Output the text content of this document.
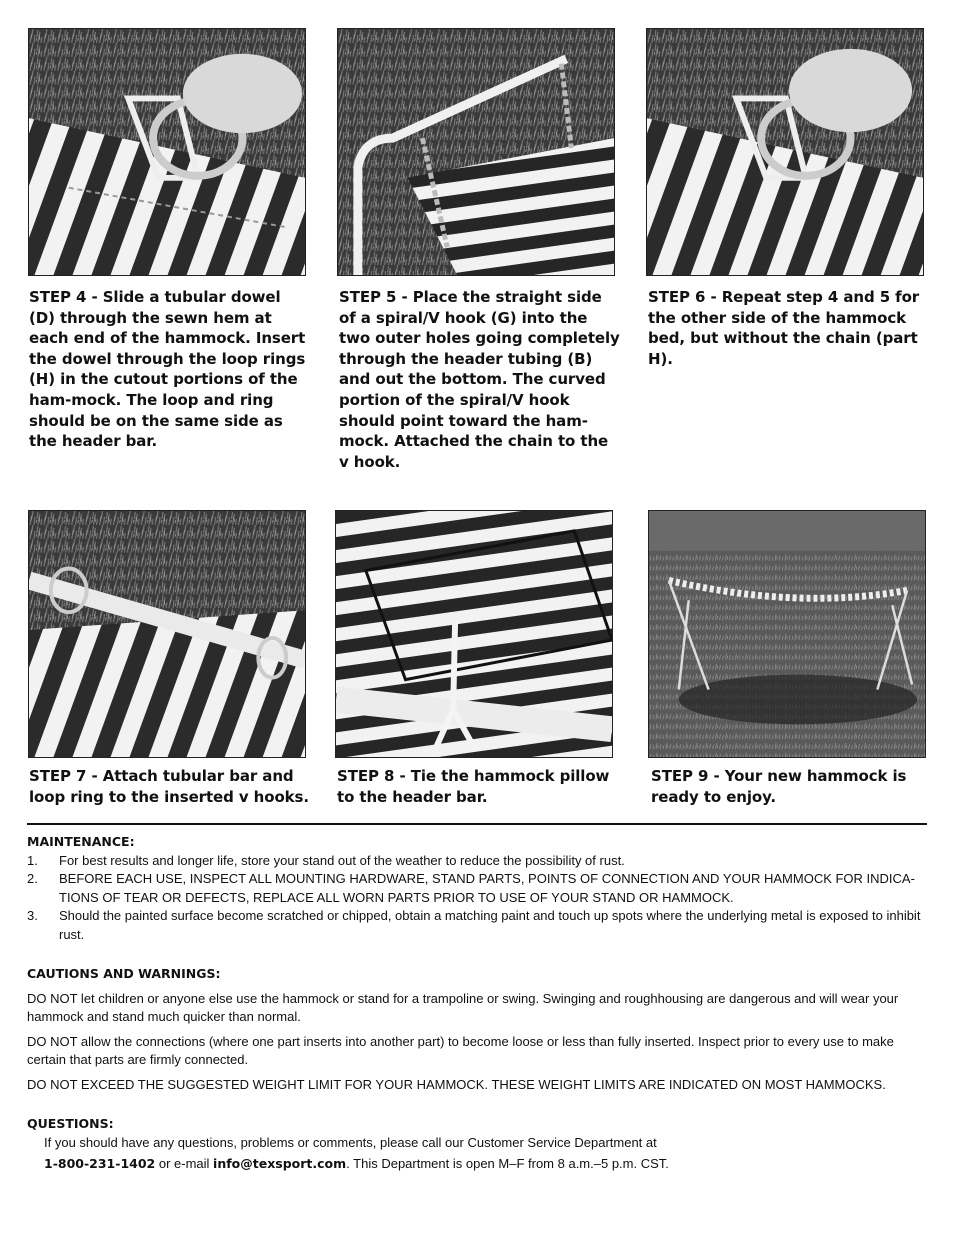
STEP 4 - Slide a tubular dowel (D) through the sewn hem at each end of the hammock. Insert the dowel through the loop rings (H) in the cutout portions of the ham-mock. The loop and ring should be on the same side as the header bar.
STEP 5 - Place the straight side of a spiral/V hook (G) into the two outer holes going completely through the header tubing (B) and out the bottom. The curved portion of the spiral/V hook should point toward the ham-mock. Attached the chain to the v hook.
STEP 6 - Repeat step 4 and 5 for the other side of the hammock bed, but without the chain (part H).
STEP 7 - Attach tubular bar and loop ring to the inserted v hooks.
STEP 8 - Tie the hammock pillow to the header bar.
STEP 9 - Your new hammock is ready to enjoy.
MAINTENANCE:
1. For best results and longer life, store your stand out of the weather to reduce the possibility of rust.
2. BEFORE EACH USE, INSPECT ALL MOUNTING HARDWARE, STAND PARTS, POINTS OF CONNECTION AND YOUR HAMMOCK FOR INDICA-TIONS OF TEAR OR DEFECTS, REPLACE ALL WORN PARTS PRIOR TO USE OF YOUR STAND OR HAMMOCK.
3. Should the painted surface become scratched or chipped, obtain a matching paint and touch up spots where the underlying metal is exposed to inhibit rust.
CAUTIONS AND WARNINGS:

DO NOT let children or anyone else use the hammock or stand for a trampoline or swing. Swinging and roughhousing are dangerous and will wear your hammock and stand much quicker than normal.

DO NOT allow the connections (where one part inserts into another part) to become loose or less than fully inserted. Inspect prior to every use to make certain that parts are firmly connected.

DO NOT EXCEED THE SUGGESTED WEIGHT LIMIT FOR YOUR HAMMOCK. THESE WEIGHT LIMITS ARE INDICATED ON MOST HAMMOCKS.

QUESTIONS:
If you should have any questions, problems or comments, please call our Customer Service Department at
1-800-231-1402 or e-mail info@texsport.com. This Department is open M–F from 8 a.m.–5 p.m. CST.
